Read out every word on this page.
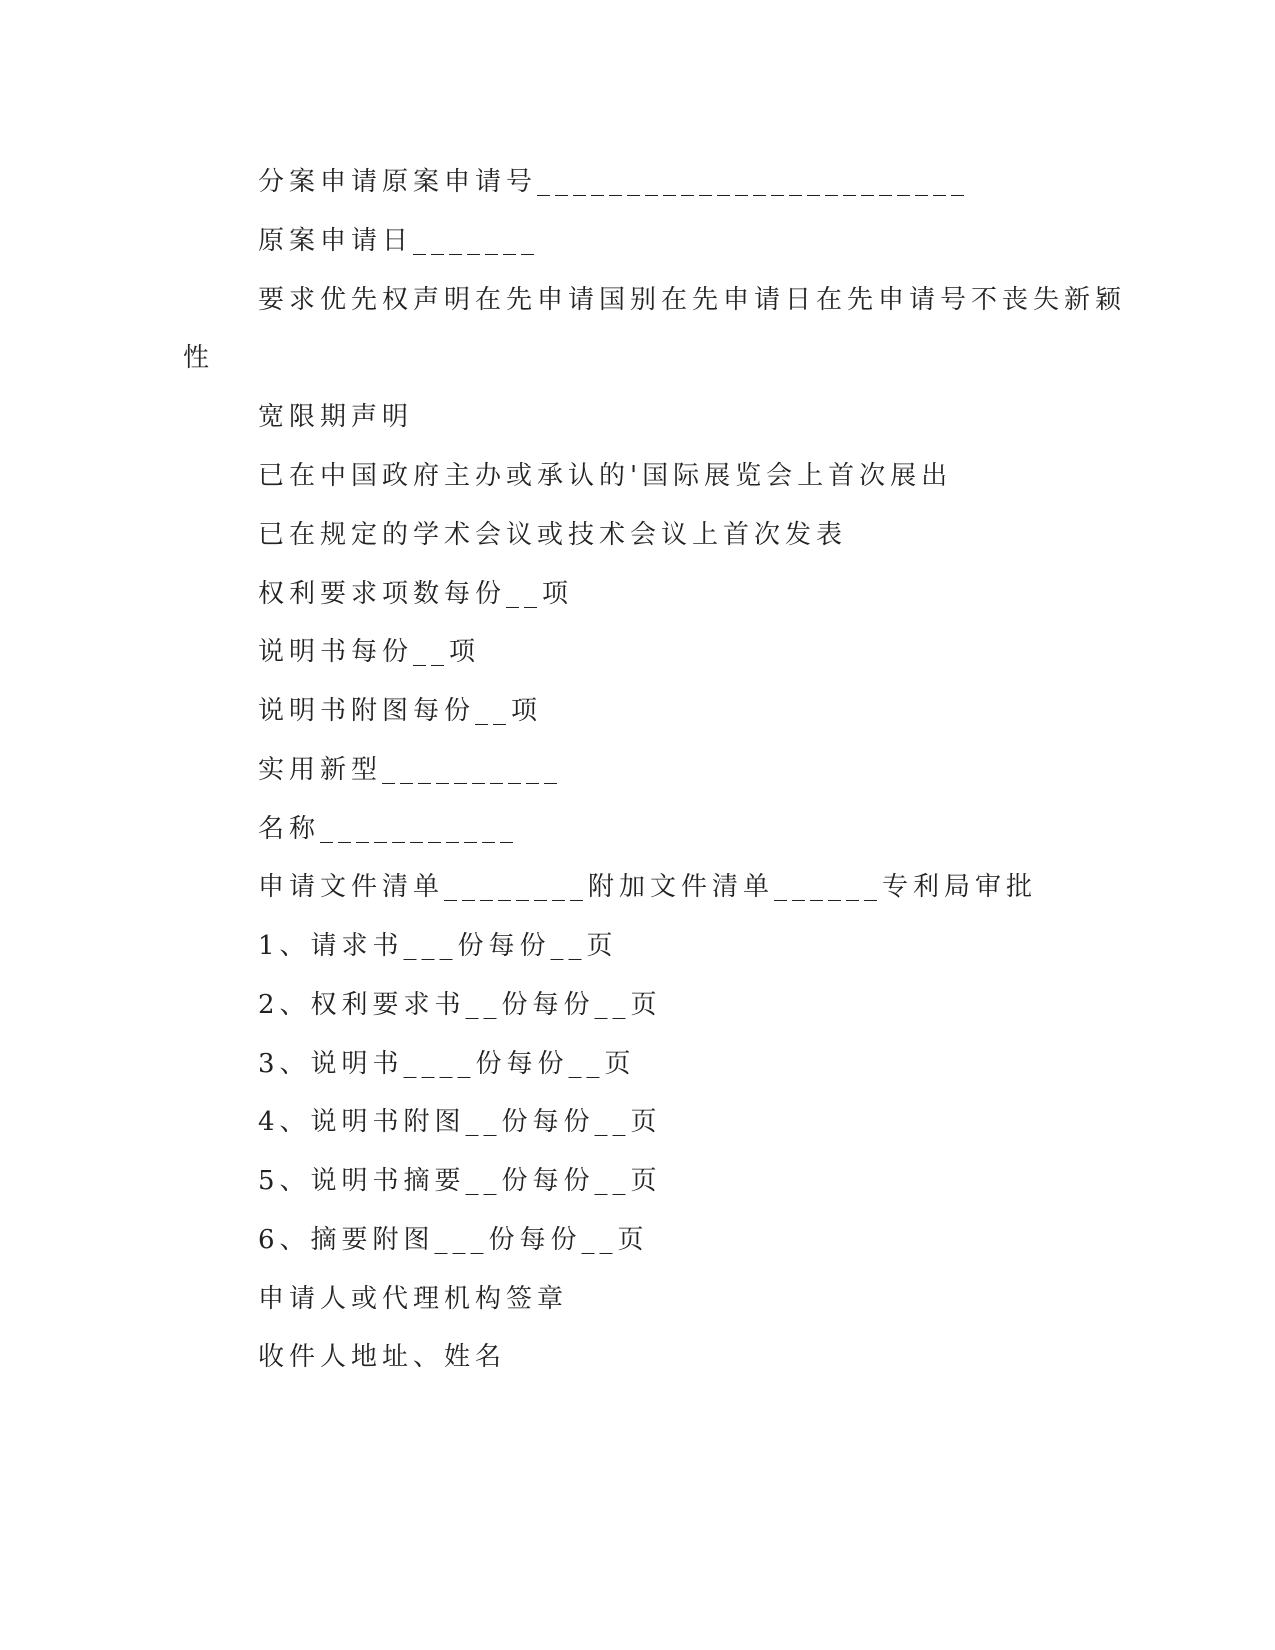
分案申请原案申请号________________________
原案申请日_______
要求优先权声明在先申请国别在先申请日在先申请号不丧失新颖
性
宽限期声明
已在中国政府主办或承认的'国际展览会上首次展出
已在规定的学术会议或技术会议上首次发表
权利要求项数每份__项
说明书每份__项
说明书附图每份__项
实用新型__________
名称___________
申请文件清单________附加文件清单______专利局审批
1、请求书___份每份__页
2、权利要求书__份每份__页
3、说明书____份每份__页
4、说明书附图__份每份__页
5、说明书摘要__份每份__页
6、摘要附图___份每份__页
申请人或代理机构签章
收件人地址、姓名
